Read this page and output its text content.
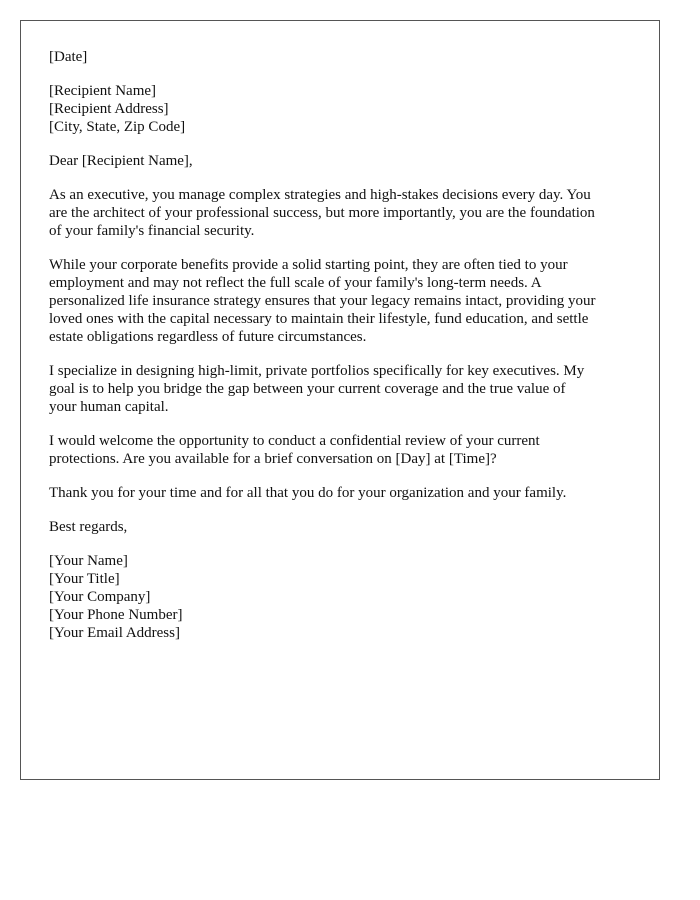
[Date]
[Recipient Name]
[Recipient Address]
[City, State, Zip Code]
Dear [Recipient Name],
As an executive, you manage complex strategies and high-stakes decisions every day. You
are the architect of your professional success, but more importantly, you are the foundation
of your family's financial security.
While your corporate benefits provide a solid starting point, they are often tied to your
employment and may not reflect the full scale of your family's long-term needs. A
personalized life insurance strategy ensures that your legacy remains intact, providing your
loved ones with the capital necessary to maintain their lifestyle, fund education, and settle
estate obligations regardless of future circumstances.
I specialize in designing high-limit, private portfolios specifically for key executives. My
goal is to help you bridge the gap between your current coverage and the true value of
your human capital.
I would welcome the opportunity to conduct a confidential review of your current
protections. Are you available for a brief conversation on [Day] at [Time]?
Thank you for your time and for all that you do for your organization and your family.
Best regards,
[Your Name]
[Your Title]
[Your Company]
[Your Phone Number]
[Your Email Address]
